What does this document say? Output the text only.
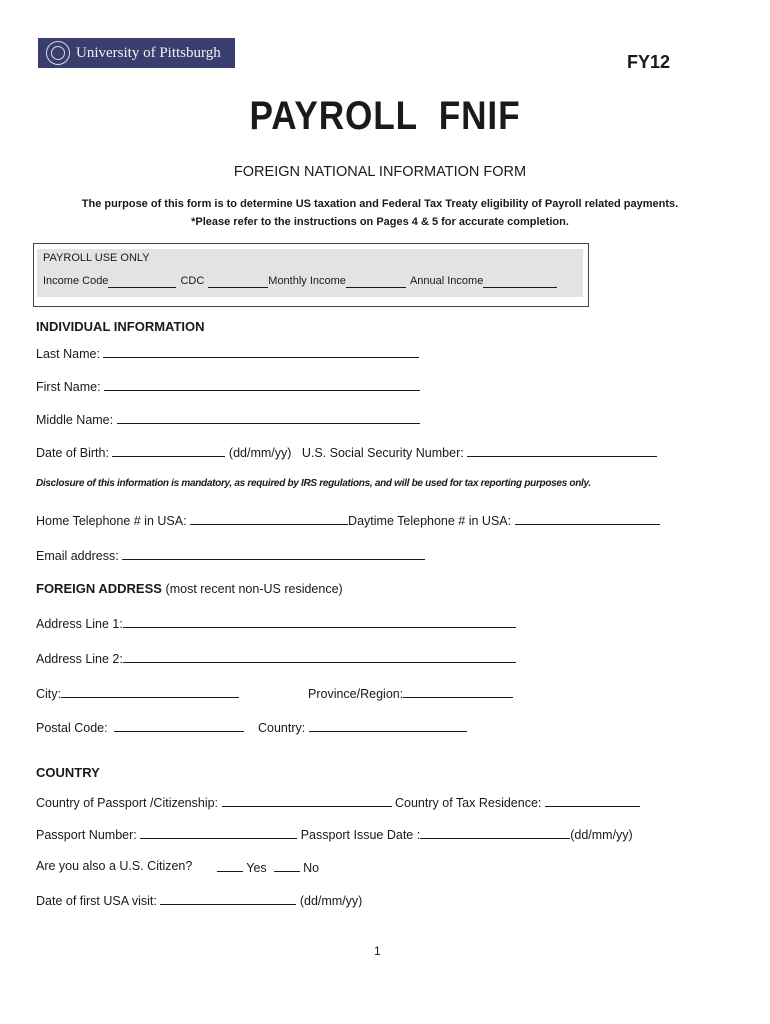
University of Pittsburgh	FY12
PAYROLL  FNIF
FOREIGN NATIONAL INFORMATION FORM
The purpose of this form is to determine US taxation and Federal Tax Treaty eligibility of Payroll related payments.
*Please refer to the instructions on Pages 4 & 5 for accurate completion.
PAYROLL USE ONLY
Income Code	CDC	Monthly Income	Annual Income
INDIVIDUAL INFORMATION
Last Name:
First Name:
Middle Name:
Date of Birth:	(dd/mm/yy) U.S. Social Security Number:
Disclosure of this information is mandatory, as required by IRS regulations, and will be used for tax reporting purposes only.
Home Telephone # in USA:	Daytime Telephone # in USA:
Email address:
FOREIGN ADDRESS (most recent non-US residence)
Address Line 1:
Address Line 2:
City:	Province/Region:
Postal Code:	Country:
COUNTRY
Country of Passport /Citizenship:	Country of Tax Residence:
Passport Number:	Passport Issue Date :	(dd/mm/yy)
Are you also a U.S. Citizen?	Yes	No
Date of first USA visit:	(dd/mm/yy)
1
